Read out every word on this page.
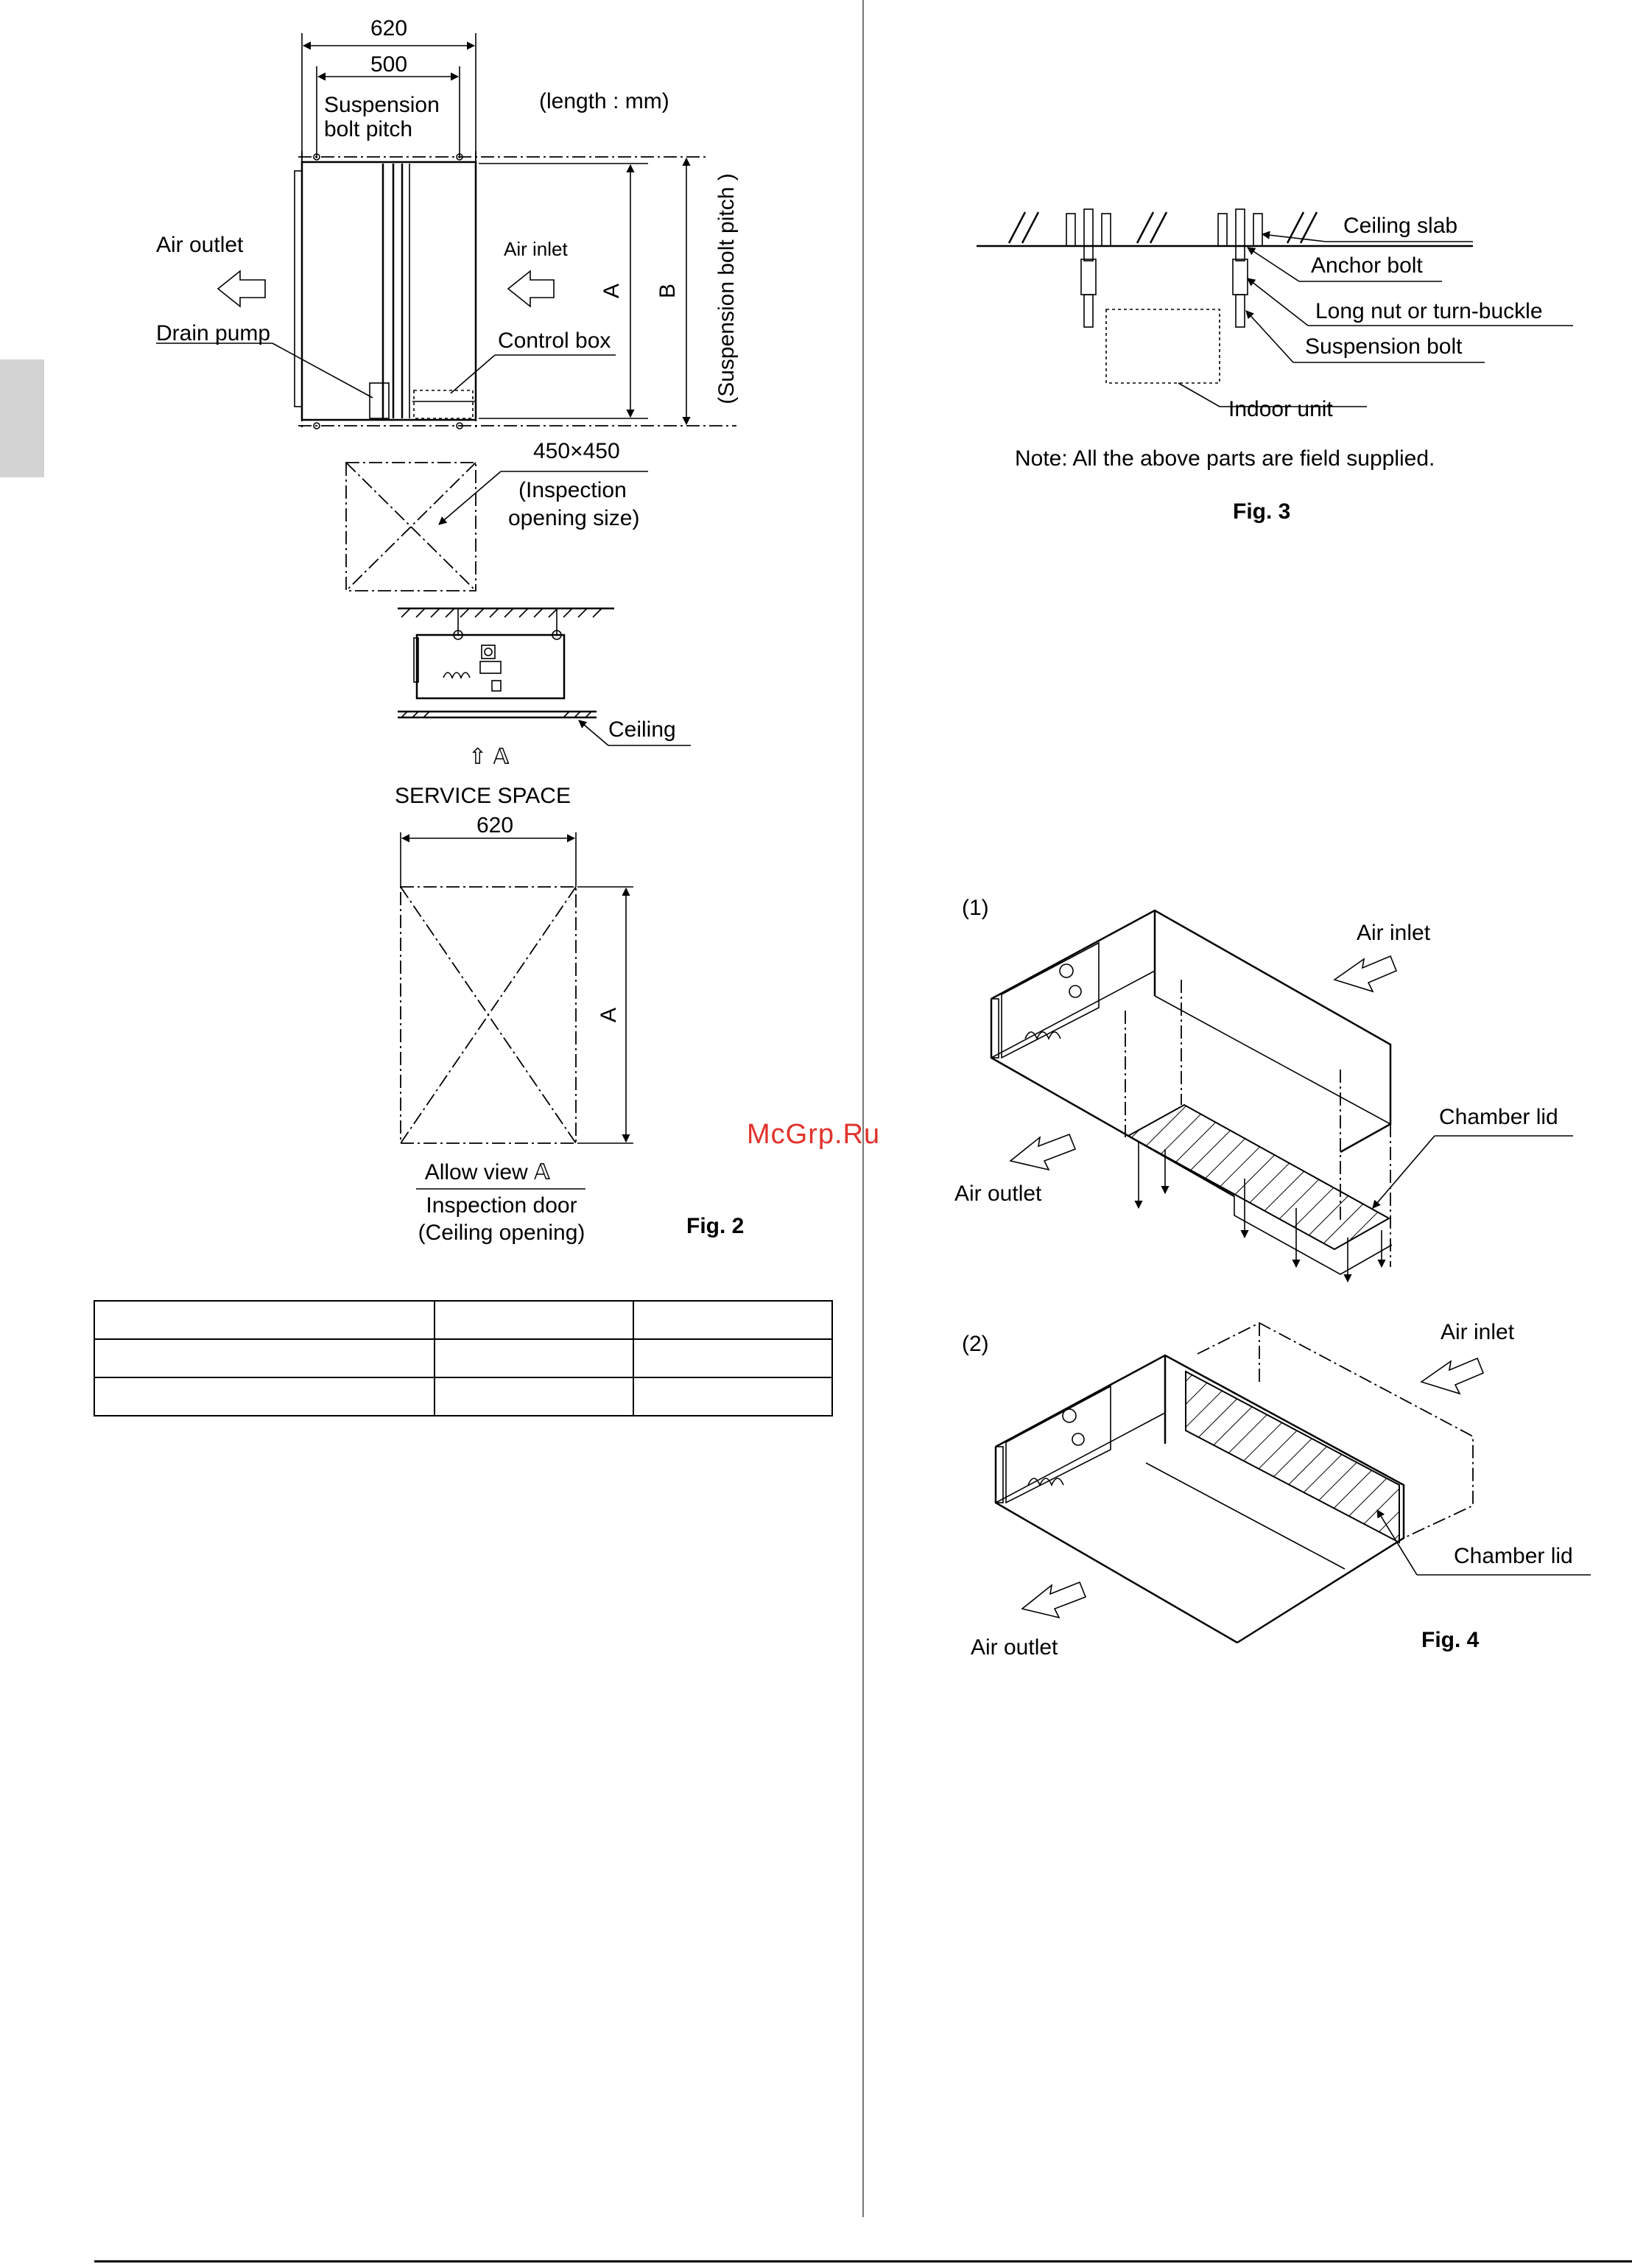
620
500
Suspension
bolt pitch
(length : mm)
Air outlet	Air inlet
A B (Suspension bolt pitch )
Drain pump	Control box
450×450
(Inspection
opening size)
Ceiling
⇧ 𝔸
SERVICE SPACE
620
A
Allow view 𝔸
Inspection door
(Ceiling opening)	Fig. 2
McGrp.Ru
Indoor unit
Ceiling slab
Anchor bolt
Long nut or turn-buckle
Suspension bolt
Note: All the above parts are field supplied.
Fig. 3
(1)
Air inlet
Air outlet
Chamber lid
(2)	Air inlet
Air outlet
Chamber lid
Fig. 4
